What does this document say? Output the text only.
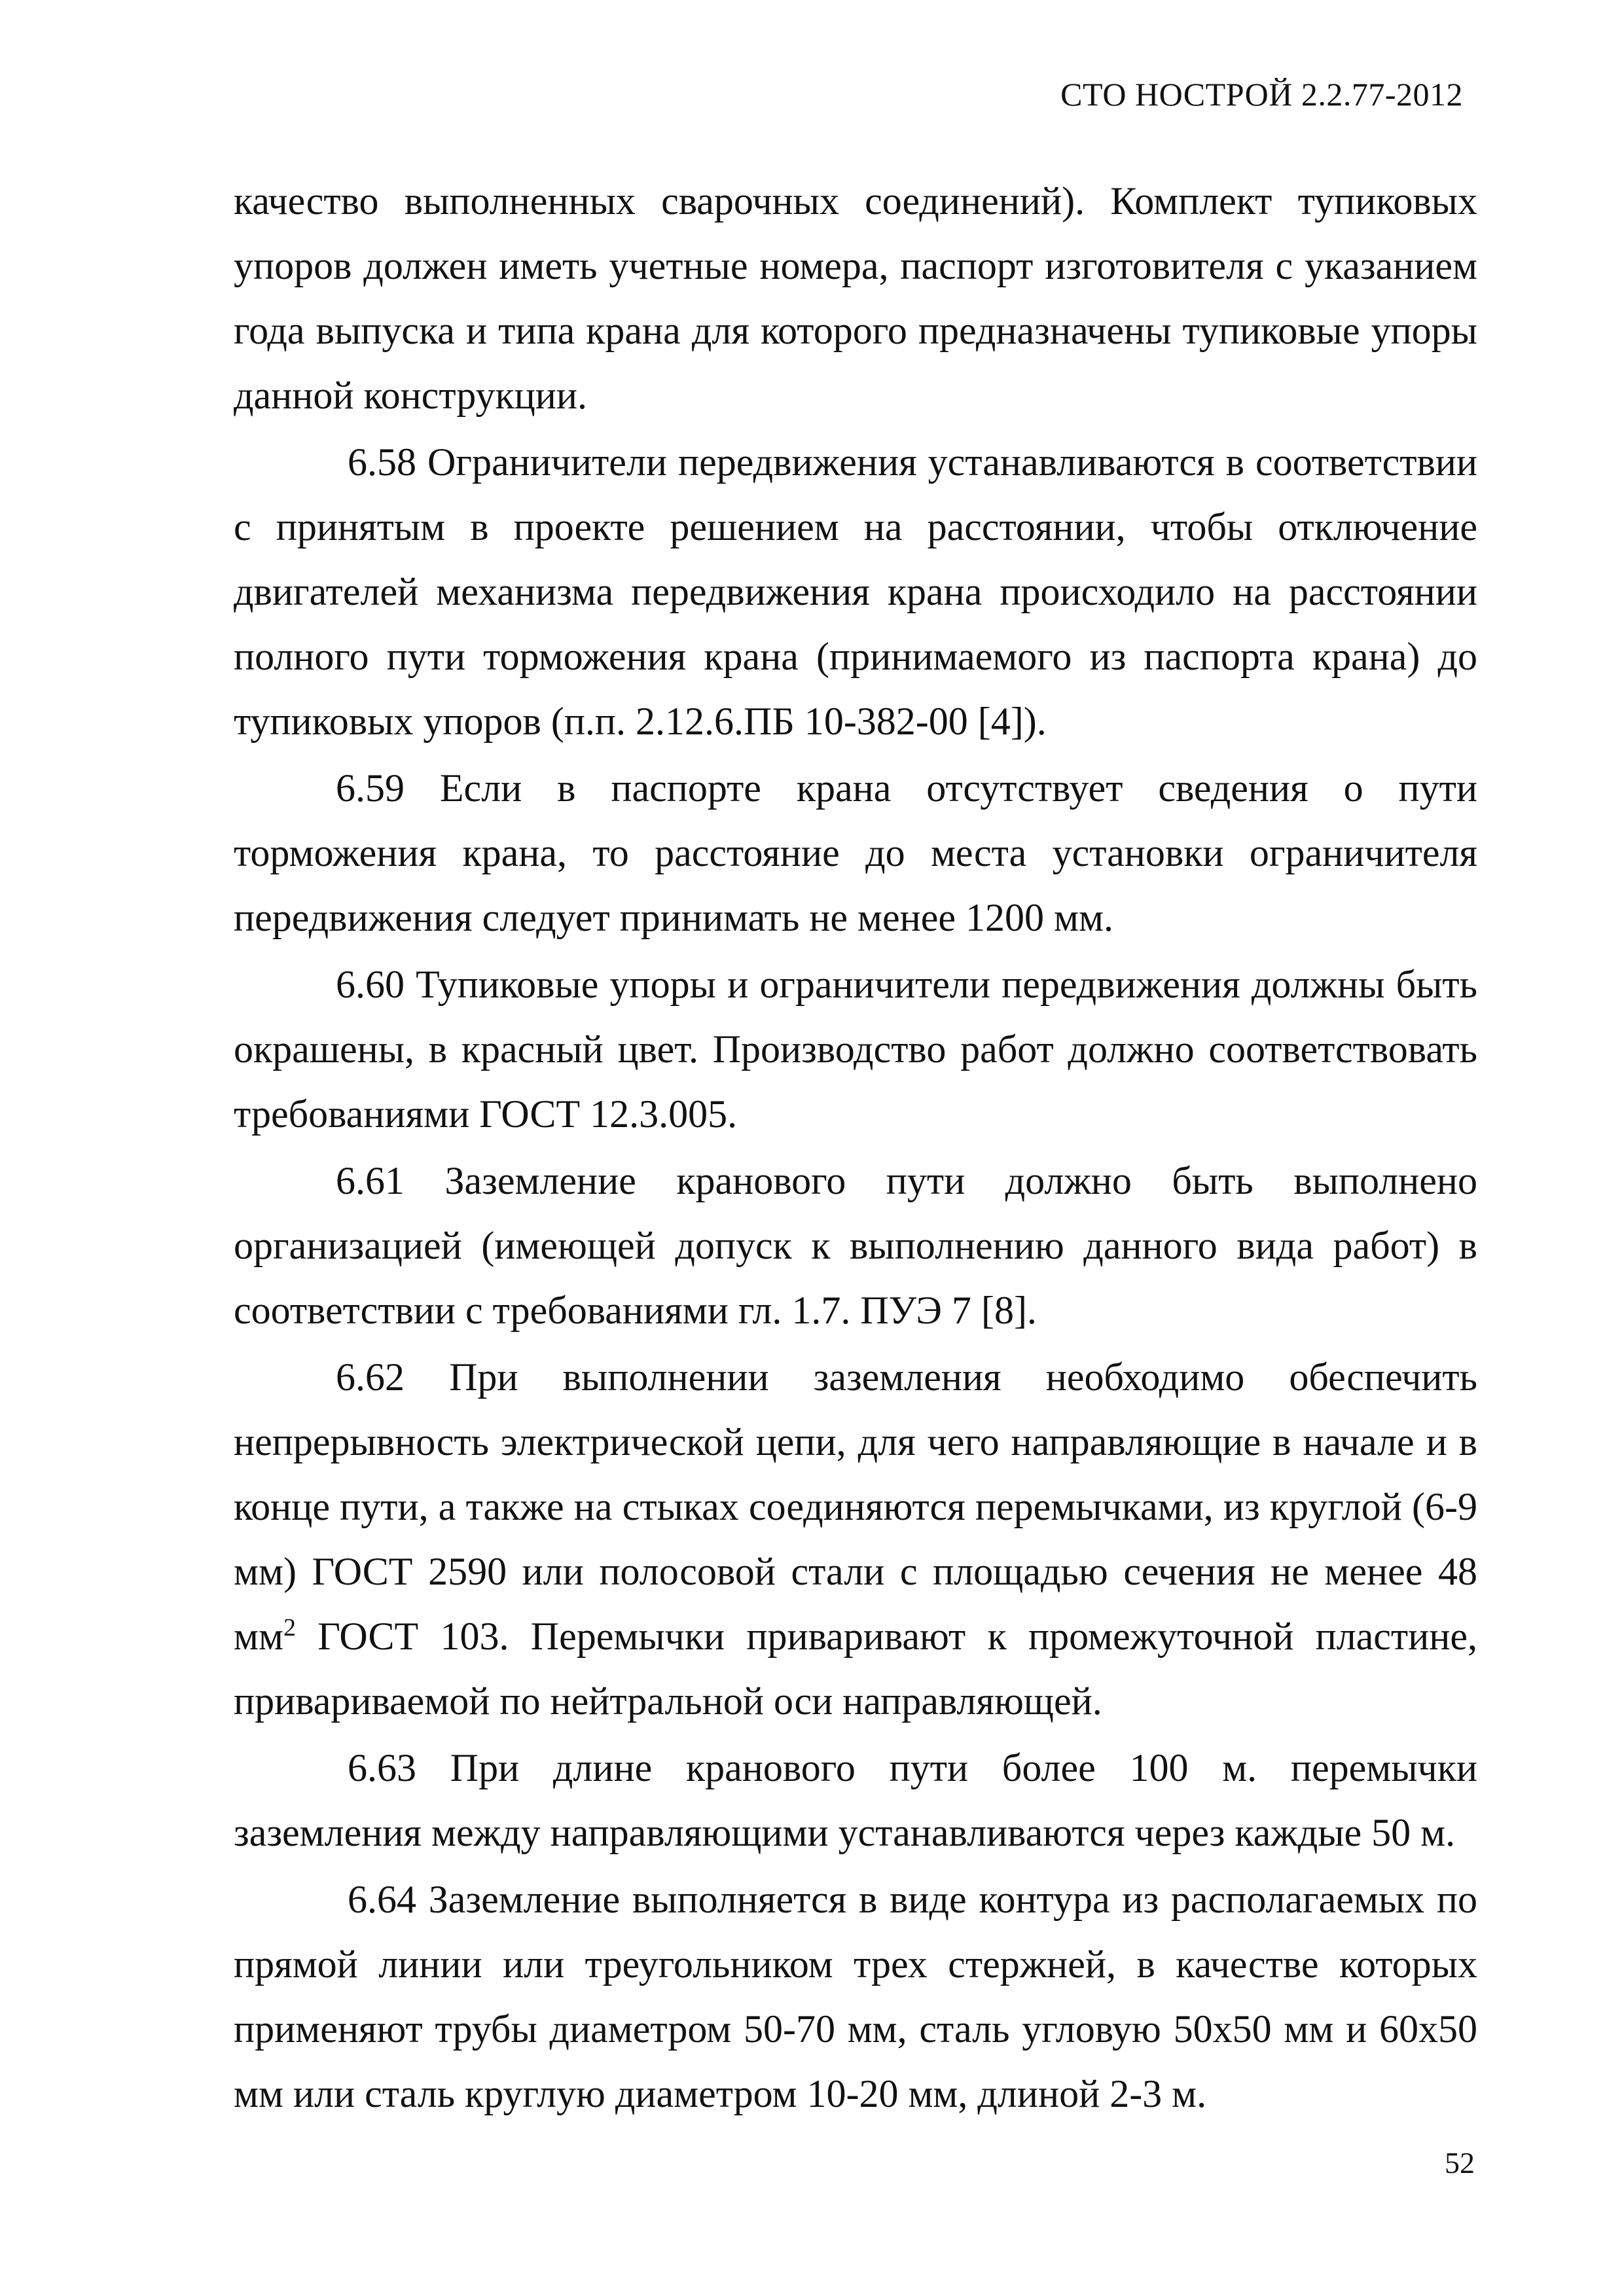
СТО НОСТРОЙ 2.2.77-2012

качество выполненных сварочных соединений). Комплект тупиковых упоров должен иметь учетные номера, паспорт изготовителя с указанием года выпуска и типа крана для которого предназначены тупиковые упоры данной конструкции.

6.58 Ограничители передвижения устанавливаются в соответствии с принятым в проекте решением на расстоянии, чтобы отключение двигателей механизма передвижения крана происходило на расстоянии полного пути торможения крана (принимаемого из паспорта крана) до тупиковых упоров (п.п. 2.12.6.ПБ 10-382-00 [4]).

6.59 Если в паспорте крана отсутствует сведения о пути торможения крана, то расстояние до места установки ограничителя передвижения следует принимать не менее 1200 мм.

6.60 Тупиковые упоры и ограничители передвижения должны быть окрашены, в красный цвет. Производство работ должно соответствовать требованиями ГОСТ 12.3.005.

6.61 Заземление кранового пути должно быть выполнено организацией (имеющей допуск к выполнению данного вида работ) в соответствии с требованиями гл. 1.7. ПУЭ 7 [8].

6.62 При выполнении заземления необходимо обеспечить непрерывность электрической цепи, для чего направляющие в начале и в конце пути, а также на стыках соединяются перемычками, из круглой (6-9 мм) ГОСТ 2590 или полосовой стали с площадью сечения не менее 48 $мм^2$ ГОСТ 103. Перемычки приваривают к промежуточной пластине, привариваемой по нейтральной оси направляющей.

6.63 При длине кранового пути более 100 м. перемычки заземления между направляющими устанавливаются через каждые 50 м.

6.64 Заземление выполняется в виде контура из располагаемых по прямой линии или треугольником трех стержней, в качестве которых применяют трубы диаметром 50-70 мм, сталь угловую 50х50 мм и 60х50 мм или сталь круглую диаметром 10-20 мм, длиной 2-3 м.

52
